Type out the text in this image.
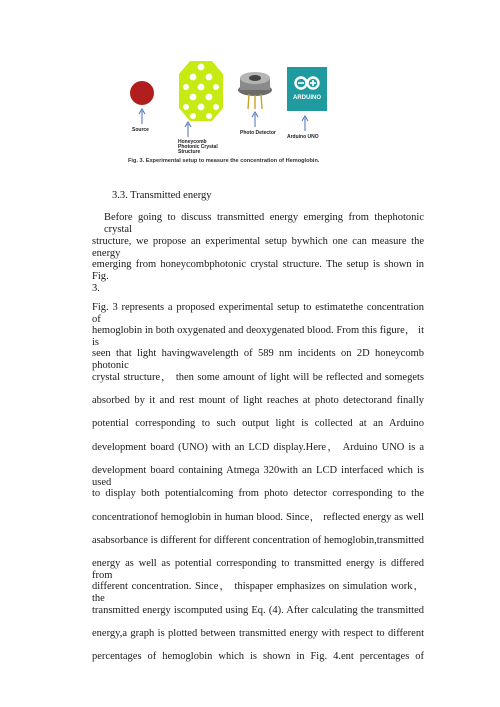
ARDUINO
Source
Honeycomb
Photonic Crystal
Structure
Photo Detector
Arduino UNO
Fig. 3. Experimental setup to measure the concentration of Hemoglobin.
3.3. Transmitted energy
Before going to discuss transmitted energy emerging from thephotonic crystal
structure, we propose an experimental setup bywhich one can measure the energy
emerging from honeycombphotonic crystal structure. The setup is shown in Fig.
3.
Fig. 3 represents a proposed experimental setup to estimatethe concentration of
hemoglobin in both oxygenated and deoxygenated blood. From this figure， it is
seen that light havingwavelength of 589 nm incidents on 2D honeycomb photonic
crystal structure， then some amount of light will be reflected and somegets
absorbed by it and rest mount of light reaches at photo detectorand finally
potential corresponding to such output light is collected at an Arduino
development board (UNO) with an LCD display.Here， Arduino UNO is a
development board containing Atmega 320with an LCD interfaced which is used
to display both potentialcoming from photo detector corresponding to the
concentrationof hemoglobin in human blood. Since， reflected energy as well
asabsorbance is different for different concentration of hemoglobin,transmitted
energy as well as potential corresponding to transmitted energy is differed from
different concentration. Since， thispaper emphasizes on simulation work， the
transmitted energy iscomputed using Eq. (4). After calculating the transmitted
energy,a graph is plotted between transmitted energy with respect to different
percentages of hemoglobin which is shown in Fig. 4.ent percentages of
